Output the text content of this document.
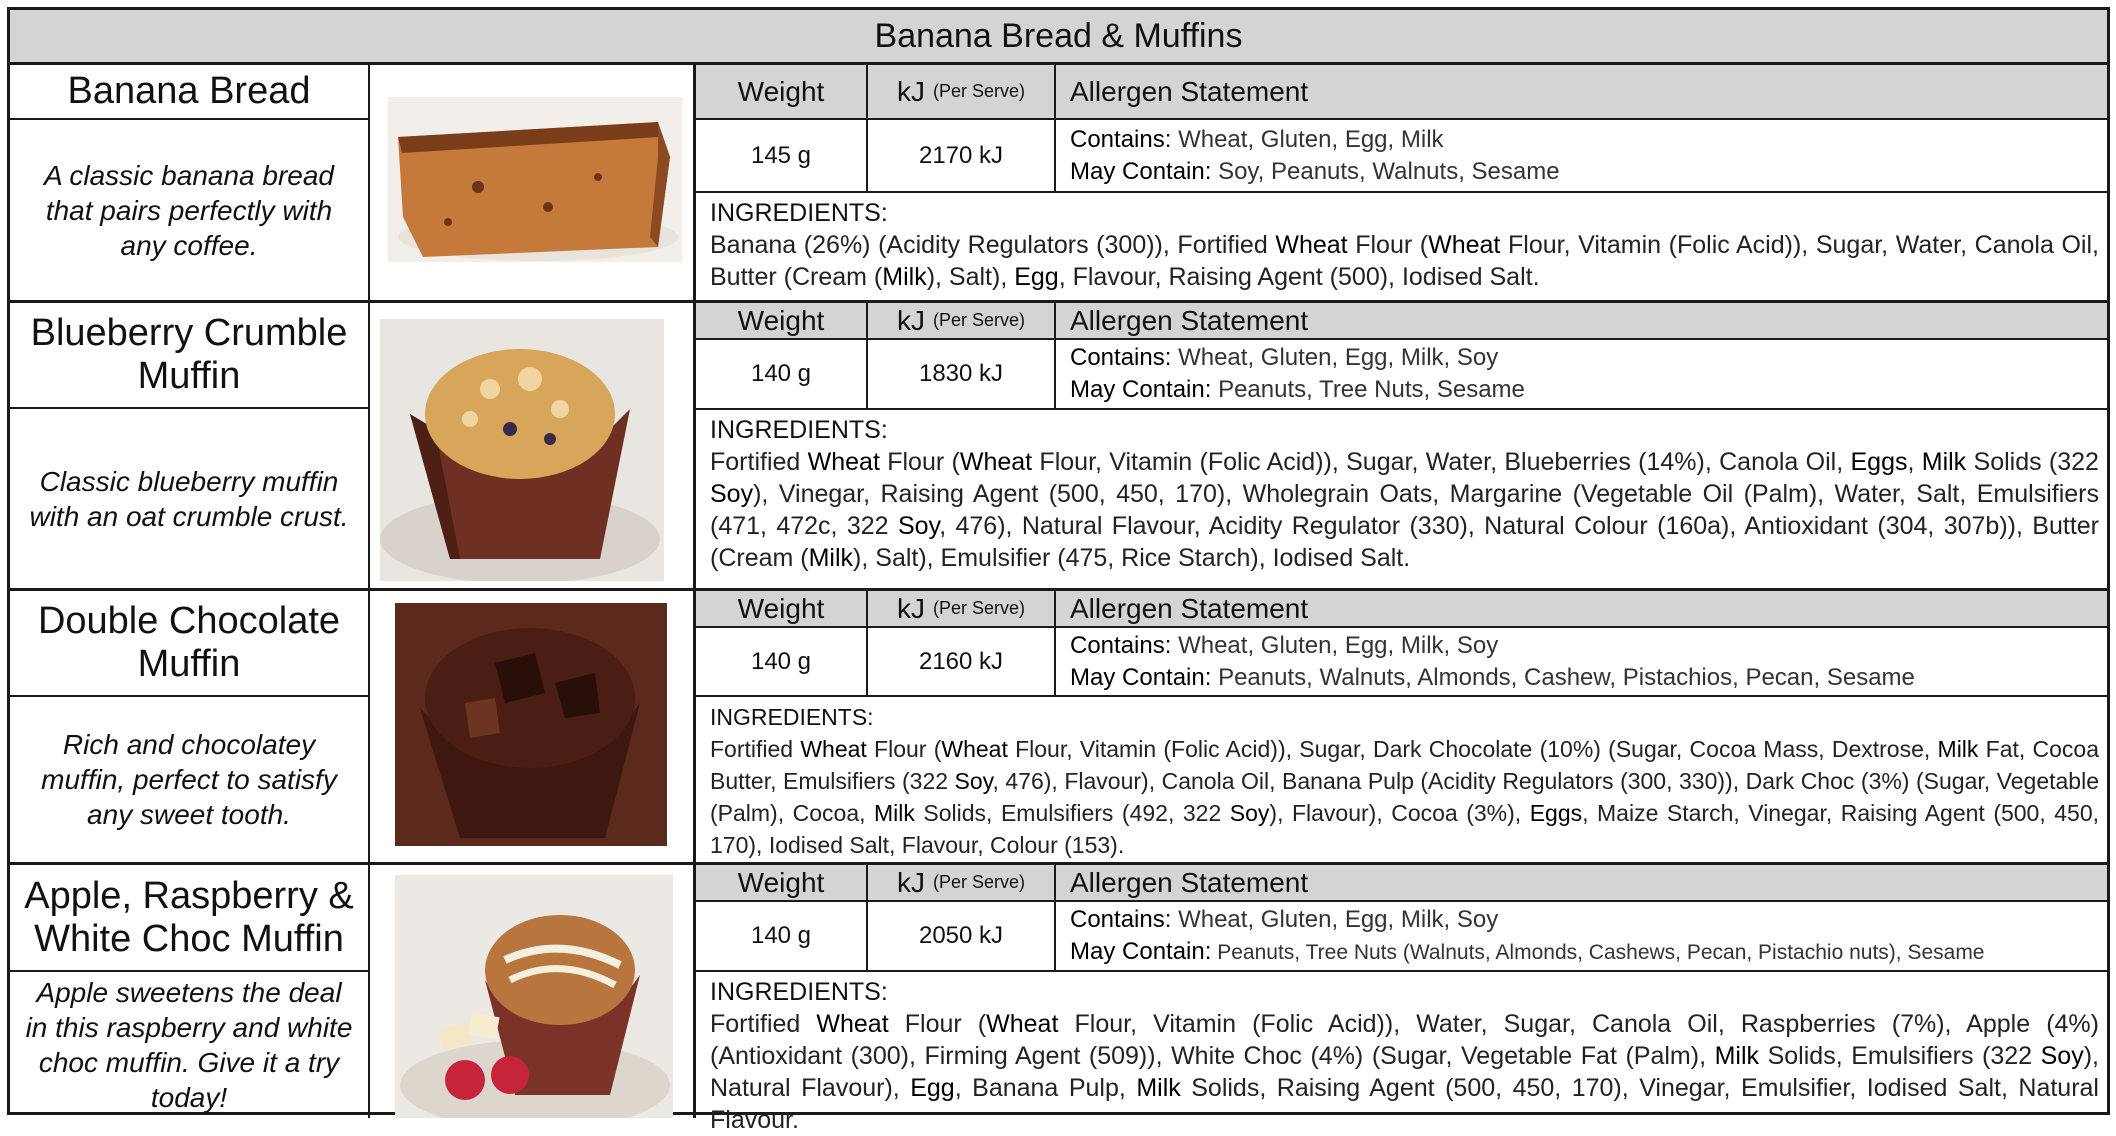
Banana Bread & Muffins
Banana Bread
A classic banana bread that pairs perfectly with any coffee.
Weight	kJ (Per Serve)	Allergen Statement
145 g	2170 kJ
Contains: Wheat, Gluten, Egg, Milk
May Contain: Soy, Peanuts, Walnuts, Sesame
INGREDIENTS:
Banana (26%) (Acidity Regulators (300)), Fortified Wheat Flour (Wheat Flour, Vitamin (Folic Acid)), Sugar, Water, Canola Oil, Butter (Cream (Milk), Salt), Egg, Flavour, Raising Agent (500), Iodised Salt.
Blueberry Crumble Muffin
Classic blueberry muffin with an oat crumble crust.
Weight	kJ (Per Serve)	Allergen Statement
140 g	1830 kJ
Contains: Wheat, Gluten, Egg, Milk, Soy
May Contain: Peanuts, Tree Nuts, Sesame
INGREDIENTS:
Fortified Wheat Flour (Wheat Flour, Vitamin (Folic Acid)), Sugar, Water, Blueberries (14%), Canola Oil, Eggs, Milk Solids (322 Soy), Vinegar, Raising Agent (500, 450, 170), Wholegrain Oats, Margarine (Vegetable Oil (Palm), Water, Salt, Emulsifiers (471, 472c, 322 Soy, 476), Natural Flavour, Acidity Regulator (330), Natural Colour (160a), Antioxidant (304, 307b)), Butter (Cream (Milk), Salt), Emulsifier (475, Rice Starch), Iodised Salt.
Double Chocolate Muffin
Rich and chocolatey muffin, perfect to satisfy any sweet tooth.
Weight	kJ (Per Serve)	Allergen Statement
140 g	2160 kJ
Contains: Wheat, Gluten, Egg, Milk, Soy
May Contain: Peanuts, Walnuts, Almonds, Cashew, Pistachios, Pecan, Sesame
INGREDIENTS:
Fortified Wheat Flour (Wheat Flour, Vitamin (Folic Acid)), Sugar, Dark Chocolate (10%) (Sugar, Cocoa Mass, Dextrose, Milk Fat, Cocoa Butter, Emulsifiers (322 Soy, 476), Flavour), Canola Oil, Banana Pulp (Acidity Regulators (300, 330)), Dark Choc (3%) (Sugar, Vegetable (Palm), Cocoa, Milk Solids, Emulsifiers (492, 322 Soy), Flavour), Cocoa (3%), Eggs, Maize Starch, Vinegar, Raising Agent (500, 450, 170), Iodised Salt, Flavour, Colour (153).
Apple, Raspberry & White Choc Muffin
Apple sweetens the deal in this raspberry and white choc muffin. Give it a try today!
Weight	kJ (Per Serve)	Allergen Statement
140 g	2050 kJ
Contains: Wheat, Gluten, Egg, Milk, Soy
May Contain: Peanuts, Tree Nuts (Walnuts, Almonds, Cashews, Pecan, Pistachio nuts), Sesame
INGREDIENTS:
Fortified Wheat Flour (Wheat Flour, Vitamin (Folic Acid)), Water, Sugar, Canola Oil, Raspberries (7%), Apple (4%) (Antioxidant (300), Firming Agent (509)), White Choc (4%) (Sugar, Vegetable Fat (Palm), Milk Solids, Emulsifiers (322 Soy), Natural Flavour), Egg, Banana Pulp, Milk Solids, Raising Agent (500, 450, 170), Vinegar, Emulsifier, Iodised Salt, Natural Flavour.
